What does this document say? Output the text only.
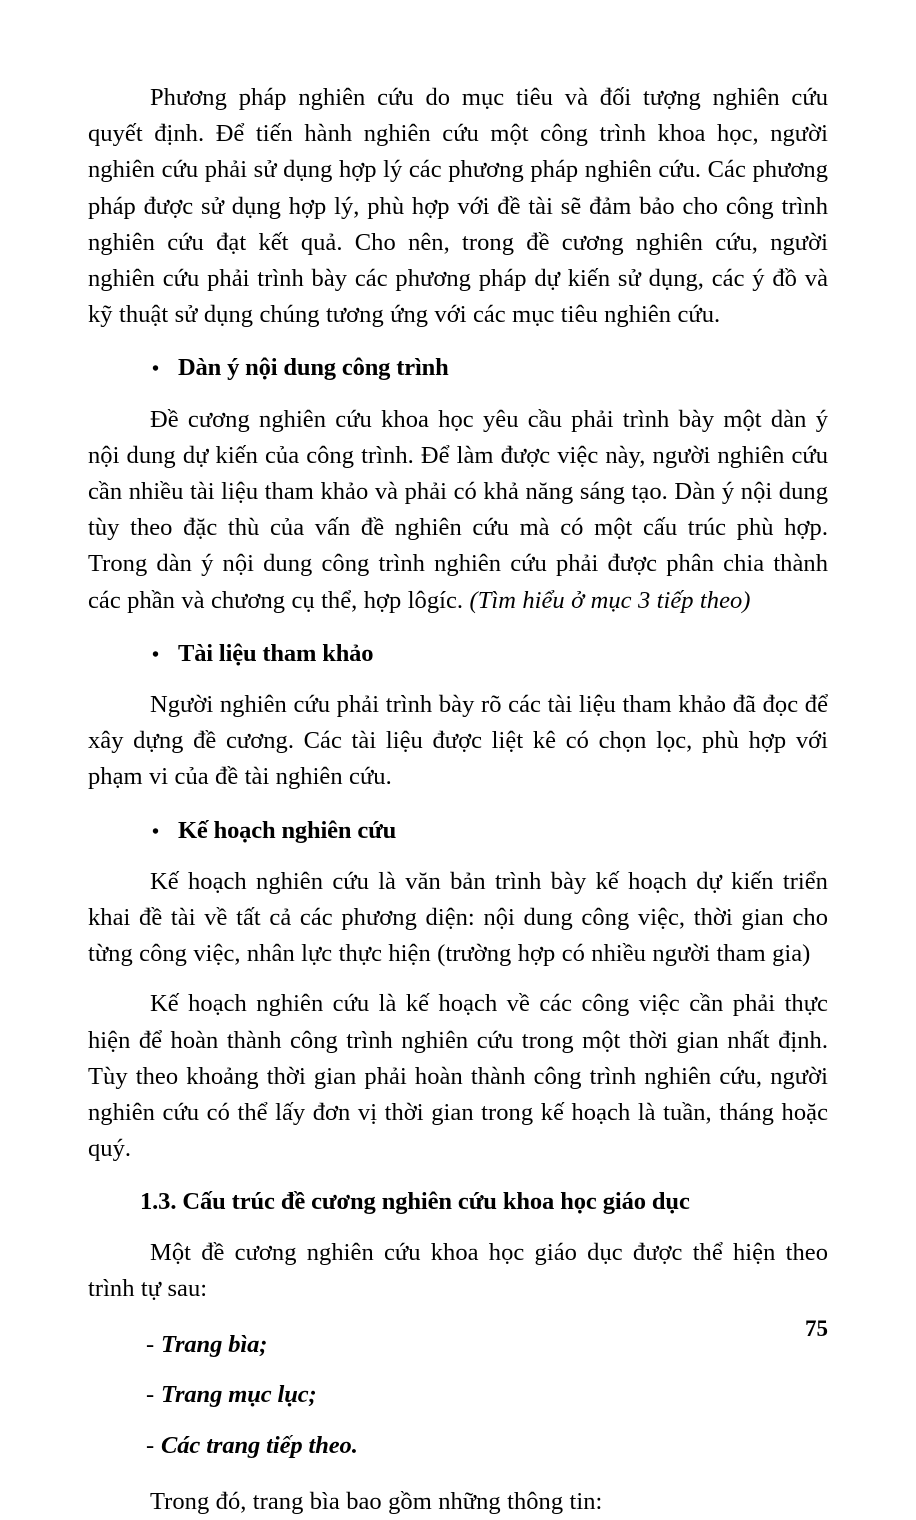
Phương pháp nghiên cứu do mục tiêu và đối tượng nghiên cứu quyết định. Để tiến hành nghiên cứu một công trình khoa học, người nghiên cứu phải sử dụng hợp lý các phương pháp nghiên cứu. Các phương pháp được sử dụng hợp lý, phù hợp với đề tài sẽ đảm bảo cho công trình nghiên cứu đạt kết quả. Cho nên, trong đề cương nghiên cứu, người nghiên cứu phải trình bày các phương pháp dự kiến sử dụng, các ý đồ và kỹ thuật sử dụng chúng tương ứng với các mục tiêu nghiên cứu.

• Dàn ý nội dung công trình

Đề cương nghiên cứu khoa học yêu cầu phải trình bày một dàn ý nội dung dự kiến của công trình. Để làm được việc này, người nghiên cứu cần nhiều tài liệu tham khảo và phải có khả năng sáng tạo. Dàn ý nội dung tùy theo đặc thù của vấn đề nghiên cứu mà có một cấu trúc phù hợp. Trong dàn ý nội dung công trình nghiên cứu phải được phân chia thành các phần và chương cụ thể, hợp lôgíc. (Tìm hiểu ở mục 3 tiếp theo)

• Tài liệu tham khảo

Người nghiên cứu phải trình bày rõ các tài liệu tham khảo đã đọc để xây dựng đề cương. Các tài liệu được liệt kê có chọn lọc, phù hợp với phạm vi của đề tài nghiên cứu.

• Kế hoạch nghiên cứu

Kế hoạch nghiên cứu là văn bản trình bày kế hoạch dự kiến triển khai đề tài về tất cả các phương diện: nội dung công việc, thời gian cho từng công việc, nhân lực thực hiện (trường hợp có nhiều người tham gia)

Kế hoạch nghiên cứu là kế hoạch về các công việc cần phải thực hiện để hoàn thành công trình nghiên cứu trong một thời gian nhất định. Tùy theo khoảng thời gian phải hoàn thành công trình nghiên cứu, người nghiên cứu có thể lấy đơn vị thời gian trong kế hoạch là tuần, tháng hoặc quý.

1.3. Cấu trúc đề cương nghiên cứu khoa học giáo dục

Một đề cương nghiên cứu khoa học giáo dục được thể hiện theo trình tự sau:

- Trang bìa;
- Trang mục lục;
- Các trang tiếp theo.

Trong đó, trang bìa bao gồm những thông tin:

75
